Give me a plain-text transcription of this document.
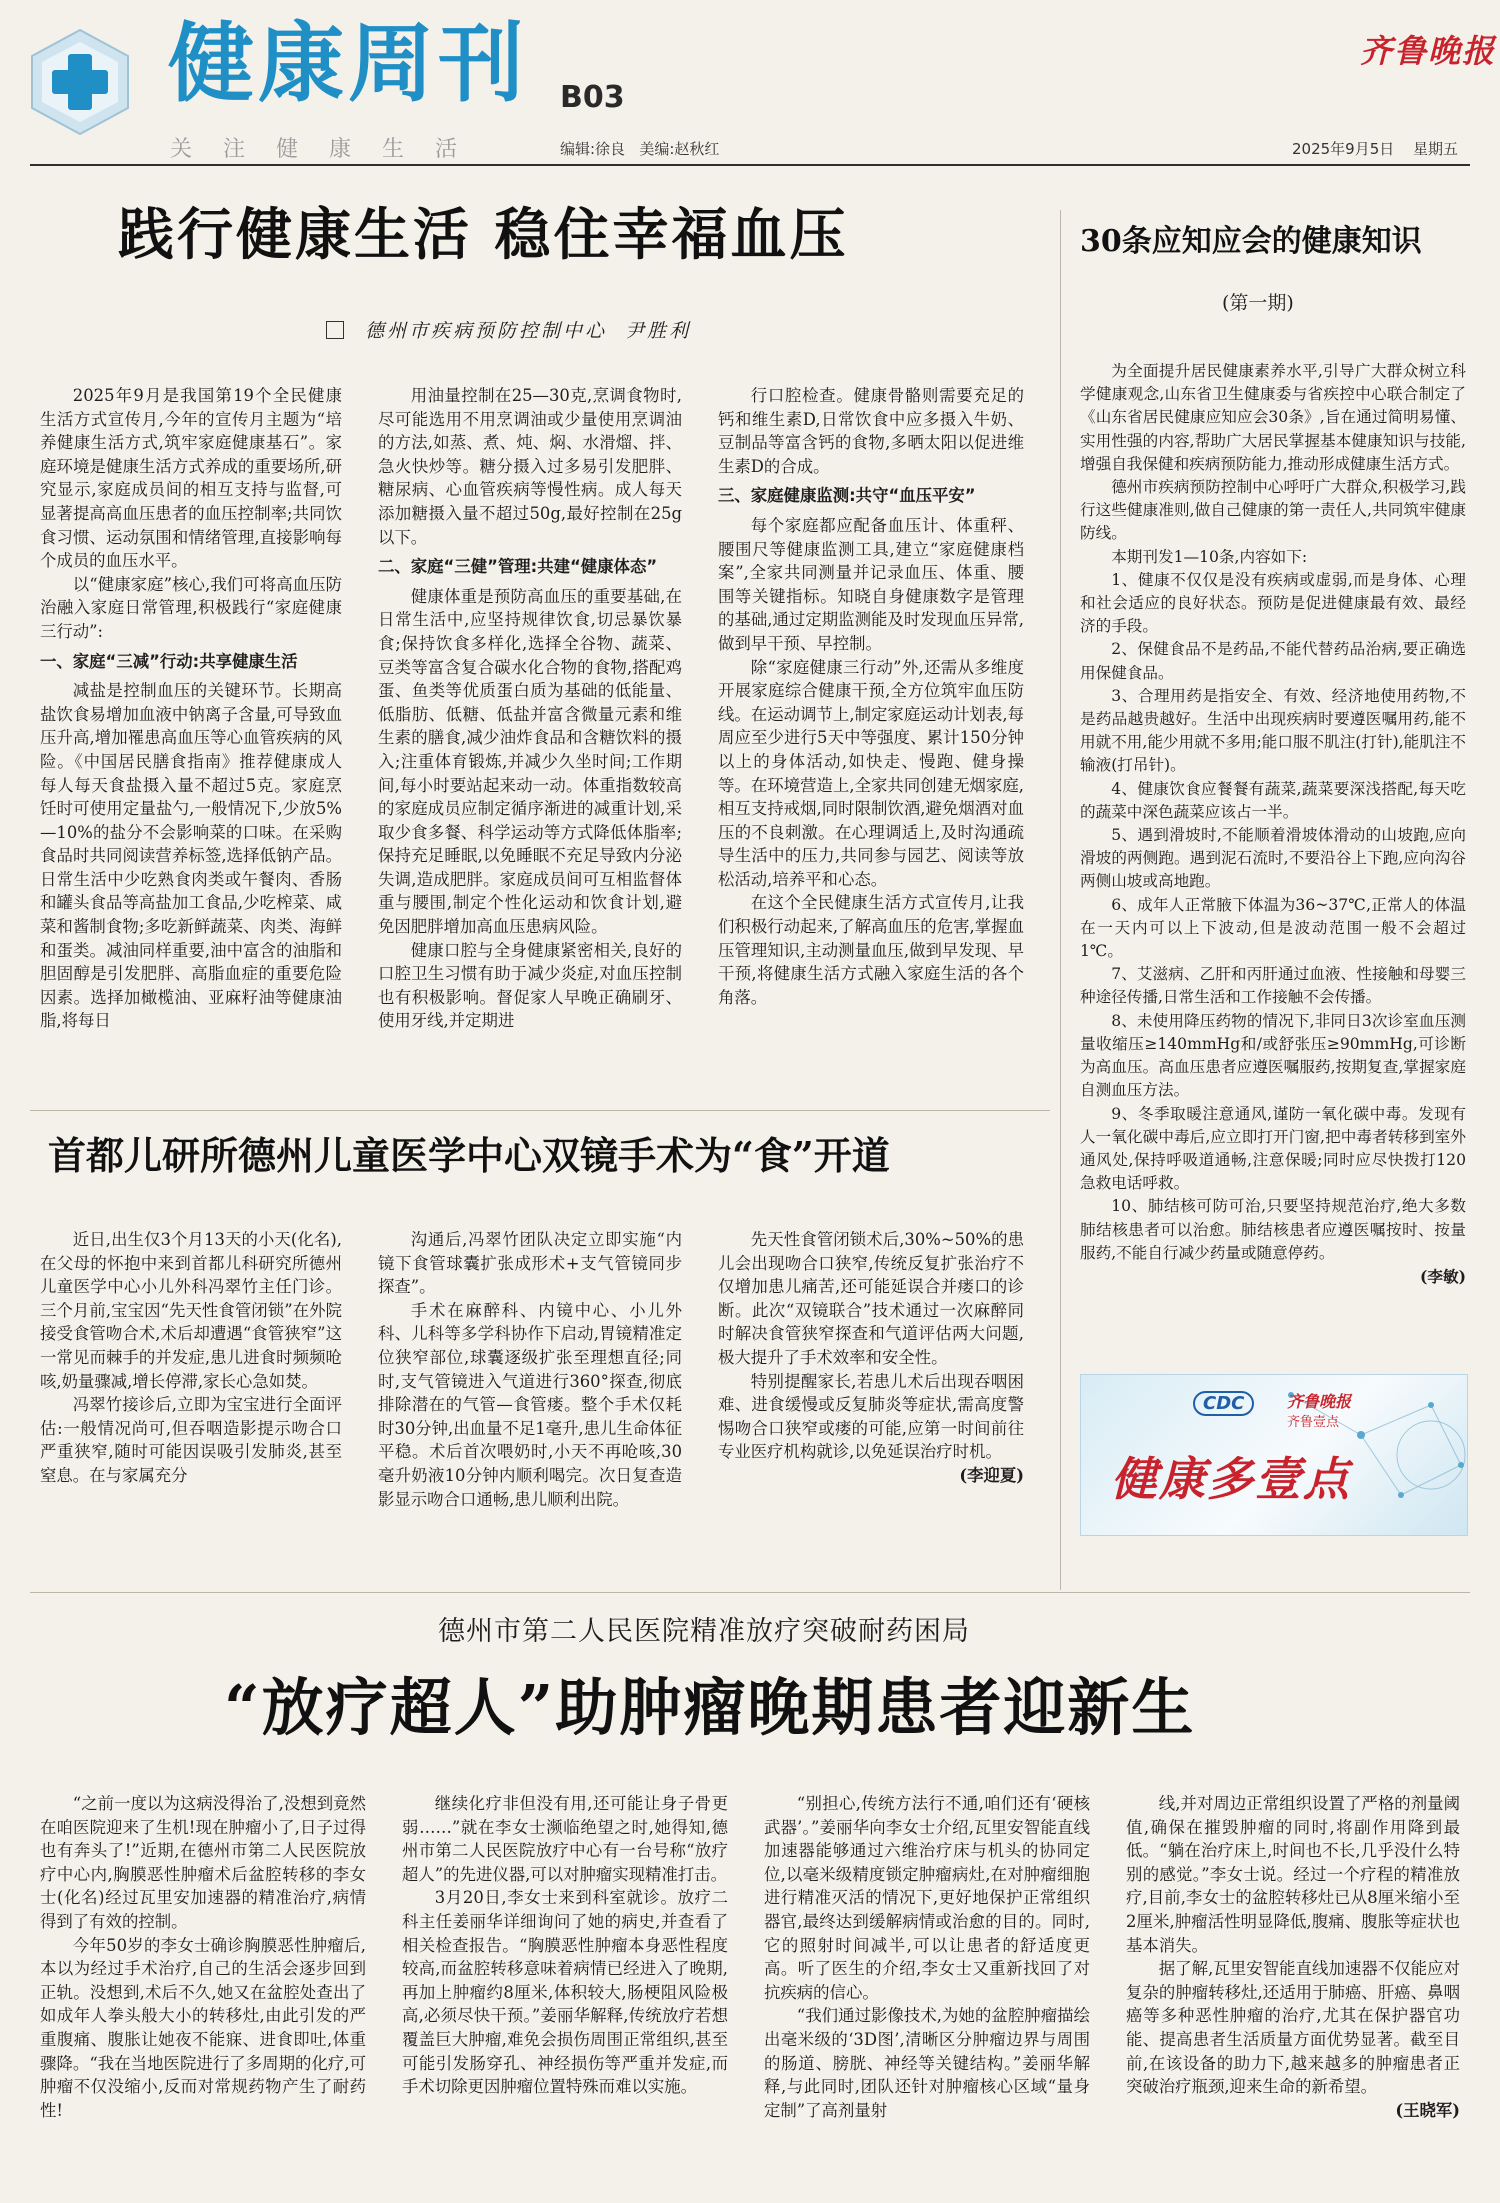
健康周刊 B03
关 注 健 康 生 活	编辑:徐良   美编:赵秋红
齐鲁晚报
2025年9月5日 星期五
践行健康生活 稳住幸福血压
德州市疾病预防控制中心  尹胜利

2025年9月是我国第19个全民健康生活方式宣传月,今年的宣传月主题为“培养健康生活方式,筑牢家庭健康基石”。家庭环境是健康生活方式养成的重要场所,研究显示,家庭成员间的相互支持与监督,可显著提高高血压患者的血压控制率;共同饮食习惯、运动氛围和情绪管理,直接影响每个成员的血压水平。

以“健康家庭”核心,我们可将高血压防治融入家庭日常管理,积极践行“家庭健康三行动”:

一、家庭“三减”行动:共享健康生活

减盐是控制血压的关键环节。长期高盐饮食易增加血液中钠离子含量,可导致血压升高,增加罹患高血压等心血管疾病的风险。《中国居民膳食指南》推荐健康成人每人每天食盐摄入量不超过5克。家庭烹饪时可使用定量盐勺,一般情况下,少放5%—10%的盐分不会影响菜的口味。在采购食品时共同阅读营养标签,选择低钠产品。日常生活中少吃熟食肉类或午餐肉、香肠和罐头食品等高盐加工食品,少吃榨菜、咸菜和酱制食物;多吃新鲜蔬菜、肉类、海鲜和蛋类。减油同样重要,油中富含的油脂和胆固醇是引发肥胖、高脂血症的重要危险因素。选择加橄榄油、亚麻籽油等健康油脂,将每日

用油量控制在25—30克,烹调食物时,尽可能选用不用烹调油或少量使用烹调油的方法,如蒸、煮、炖、焖、水滑熘、拌、急火快炒等。糖分摄入过多易引发肥胖、糖尿病、心血管疾病等慢性病。成人每天添加糖摄入量不超过50g,最好控制在25g以下。

二、家庭“三健”管理:共建“健康体态”

健康体重是预防高血压的重要基础,在日常生活中,应坚持规律饮食,切忌暴饮暴食;保持饮食多样化,选择全谷物、蔬菜、豆类等富含复合碳水化合物的食物,搭配鸡蛋、鱼类等优质蛋白质为基础的低能量、低脂肪、低糖、低盐并富含微量元素和维生素的膳食,减少油炸食品和含糖饮料的摄入;注重体育锻炼,并减少久坐时间;工作期间,每小时要站起来动一动。体重指数较高的家庭成员应制定循序渐进的减重计划,采取少食多餐、科学运动等方式降低体脂率;保持充足睡眠,以免睡眠不充足导致内分泌失调,造成肥胖。家庭成员间可互相监督体重与腰围,制定个性化运动和饮食计划,避免因肥胖增加高血压患病风险。

健康口腔与全身健康紧密相关,良好的口腔卫生习惯有助于减少炎症,对血压控制也有积极影响。督促家人早晚正确刷牙、使用牙线,并定期进

行口腔检查。健康骨骼则需要充足的钙和维生素D,日常饮食中应多摄入牛奶、豆制品等富含钙的食物,多晒太阳以促进维生素D的合成。

三、家庭健康监测:共守“血压平安”

每个家庭都应配备血压计、体重秤、腰围尺等健康监测工具,建立“家庭健康档案”,全家共同测量并记录血压、体重、腰围等关键指标。知晓自身健康数字是管理的基础,通过定期监测能及时发现血压异常,做到早干预、早控制。

除“家庭健康三行动”外,还需从多维度开展家庭综合健康干预,全方位筑牢血压防线。在运动调节上,制定家庭运动计划表,每周应至少进行5天中等强度、累计150分钟以上的身体活动,如快走、慢跑、健身操等。在环境营造上,全家共同创建无烟家庭,相互支持戒烟,同时限制饮酒,避免烟酒对血压的不良刺激。在心理调适上,及时沟通疏导生活中的压力,共同参与园艺、阅读等放松活动,培养平和心态。

在这个全民健康生活方式宣传月,让我们积极行动起来,了解高血压的危害,掌握血压管理知识,主动测量血压,做到早发现、早干预,将健康生活方式融入家庭生活的各个角落。

30条应知应会的健康知识
(第一期)

为全面提升居民健康素养水平,引导广大群众树立科学健康观念,山东省卫生健康委与省疾控中心联合制定了《山东省居民健康应知应会30条》,旨在通过简明易懂、实用性强的内容,帮助广大居民掌握基本健康知识与技能,增强自我保健和疾病预防能力,推动形成健康生活方式。

德州市疾病预防控制中心呼吁广大群众,积极学习,践行这些健康准则,做自己健康的第一责任人,共同筑牢健康防线。

本期刊发1—10条,内容如下:

1、健康不仅仅是没有疾病或虚弱,而是身体、心理和社会适应的良好状态。预防是促进健康最有效、最经济的手段。

2、保健食品不是药品,不能代替药品治病,要正确选用保健食品。

3、合理用药是指安全、有效、经济地使用药物,不是药品越贵越好。生活中出现疾病时要遵医嘱用药,能不用就不用,能少用就不多用;能口服不肌注(打针),能肌注不输液(打吊针)。

4、健康饮食应餐餐有蔬菜,蔬菜要深浅搭配,每天吃的蔬菜中深色蔬菜应该占一半。

5、遇到滑坡时,不能顺着滑坡体滑动的山坡跑,应向滑坡的两侧跑。遇到泥石流时,不要沿谷上下跑,应向沟谷两侧山坡或高地跑。

6、成年人正常腋下体温为36~37℃,正常人的体温在一天内可以上下波动,但是波动范围一般不会超过1℃。

7、艾滋病、乙肝和丙肝通过血液、性接触和母婴三种途径传播,日常生活和工作接触不会传播。

8、未使用降压药物的情况下,非同日3次诊室血压测量收缩压≥140mmHg和/或舒张压≥90mmHg,可诊断为高血压。高血压患者应遵医嘱服药,按期复查,掌握家庭自测血压方法。

9、冬季取暖注意通风,谨防一氧化碳中毒。发现有人一氧化碳中毒后,应立即打开门窗,把中毒者转移到室外通风处,保持呼吸道通畅,注意保暖;同时应尽快拨打120急救电话呼救。

10、肺结核可防可治,只要坚持规范治疗,绝大多数肺结核患者可以治愈。肺结核患者应遵医嘱按时、按量服药,不能自行减少药量或随意停药。

(李敏)

CDC	齐鲁晚报
齐鲁壹点
健康多壹点
首都儿研所德州儿童医学中心双镜手术为“食”开道

近日,出生仅3个月13天的小天(化名),在父母的怀抱中来到首都儿科研究所德州儿童医学中心小儿外科冯翠竹主任门诊。三个月前,宝宝因“先天性食管闭锁”在外院接受食管吻合术,术后却遭遇“食管狭窄”这一常见而棘手的并发症,患儿进食时频频呛咳,奶量骤减,增长停滞,家长心急如焚。

冯翠竹接诊后,立即为宝宝进行全面评估:一般情况尚可,但吞咽造影提示吻合口严重狭窄,随时可能因误吸引发肺炎,甚至窒息。在与家属充分

沟通后,冯翠竹团队决定立即实施“内镜下食管球囊扩张成形术+支气管镜同步探查”。

手术在麻醉科、内镜中心、小儿外科、儿科等多学科协作下启动,胃镜精准定位狭窄部位,球囊逐级扩张至理想直径;同时,支气管镜进入气道进行360°探查,彻底排除潜在的气管—食管瘘。整个手术仅耗时30分钟,出血量不足1毫升,患儿生命体征平稳。术后首次喂奶时,小天不再呛咳,30毫升奶液10分钟内顺利喝完。次日复查造影显示吻合口通畅,患儿顺利出院。

先天性食管闭锁术后,30%~50%的患儿会出现吻合口狭窄,传统反复扩张治疗不仅增加患儿痛苦,还可能延误合并瘘口的诊断。此次“双镜联合”技术通过一次麻醉同时解决食管狭窄探查和气道评估两大问题,极大提升了手术效率和安全性。

特别提醒家长,若患儿术后出现吞咽困难、进食缓慢或反复肺炎等症状,需高度警惕吻合口狭窄或瘘的可能,应第一时间前往专业医疗机构就诊,以免延误治疗时机。

(李迎夏)

德州市第二人民医院精准放疗突破耐药困局
“放疗超人”助肿瘤晚期患者迎新生

“之前一度以为这病没得治了,没想到竟然在咱医院迎来了生机!现在肿瘤小了,日子过得也有奔头了!”近期,在德州市第二人民医院放疗中心内,胸膜恶性肿瘤术后盆腔转移的李女士(化名)经过瓦里安加速器的精准治疗,病情得到了有效的控制。

今年50岁的李女士确诊胸膜恶性肿瘤后,本以为经过手术治疗,自己的生活会逐步回到正轨。没想到,术后不久,她又在盆腔处查出了如成年人拳头般大小的转移灶,由此引发的严重腹痛、腹胀让她夜不能寐、进食即吐,体重骤降。“我在当地医院进行了多周期的化疗,可肿瘤不仅没缩小,反而对常规药物产生了耐药性!

继续化疗非但没有用,还可能让身子骨更弱……”就在李女士濒临绝望之时,她得知,德州市第二人民医院放疗中心有一台号称“放疗超人”的先进仪器,可以对肿瘤实现精准打击。

3月20日,李女士来到科室就诊。放疗二科主任姜丽华详细询问了她的病史,并查看了相关检查报告。“胸膜恶性肿瘤本身恶性程度较高,而盆腔转移意味着病情已经进入了晚期,再加上肿瘤约8厘米,体积较大,肠梗阻风险极高,必须尽快干预。”姜丽华解释,传统放疗若想覆盖巨大肿瘤,难免会损伤周围正常组织,甚至可能引发肠穿孔、神经损伤等严重并发症,而手术切除更因肿瘤位置特殊而难以实施。

“别担心,传统方法行不通,咱们还有‘硬核武器’。”姜丽华向李女士介绍,瓦里安智能直线加速器能够通过六维治疗床与机头的协同定位,以毫米级精度锁定肿瘤病灶,在对肿瘤细胞进行精准灭活的情况下,更好地保护正常组织器官,最终达到缓解病情或治愈的目的。同时,它的照射时间减半,可以让患者的舒适度更高。听了医生的介绍,李女士又重新找回了对抗疾病的信心。

“我们通过影像技术,为她的盆腔肿瘤描绘出毫米级的‘3D图’,清晰区分肿瘤边界与周围的肠道、膀胱、神经等关键结构。”姜丽华解释,与此同时,团队还针对肿瘤核心区域“量身定制”了高剂量射

线,并对周边正常组织设置了严格的剂量阈值,确保在摧毁肿瘤的同时,将副作用降到最低。“躺在治疗床上,时间也不长,几乎没什么特别的感觉。”李女士说。经过一个疗程的精准放疗,目前,李女士的盆腔转移灶已从8厘米缩小至2厘米,肿瘤活性明显降低,腹痛、腹胀等症状也基本消失。

据了解,瓦里安智能直线加速器不仅能应对复杂的肿瘤转移灶,还适用于肺癌、肝癌、鼻咽癌等多种恶性肿瘤的治疗,尤其在保护器官功能、提高患者生活质量方面优势显著。截至目前,在该设备的助力下,越来越多的肿瘤患者正突破治疗瓶颈,迎来生命的新希望。

(王晓军)
